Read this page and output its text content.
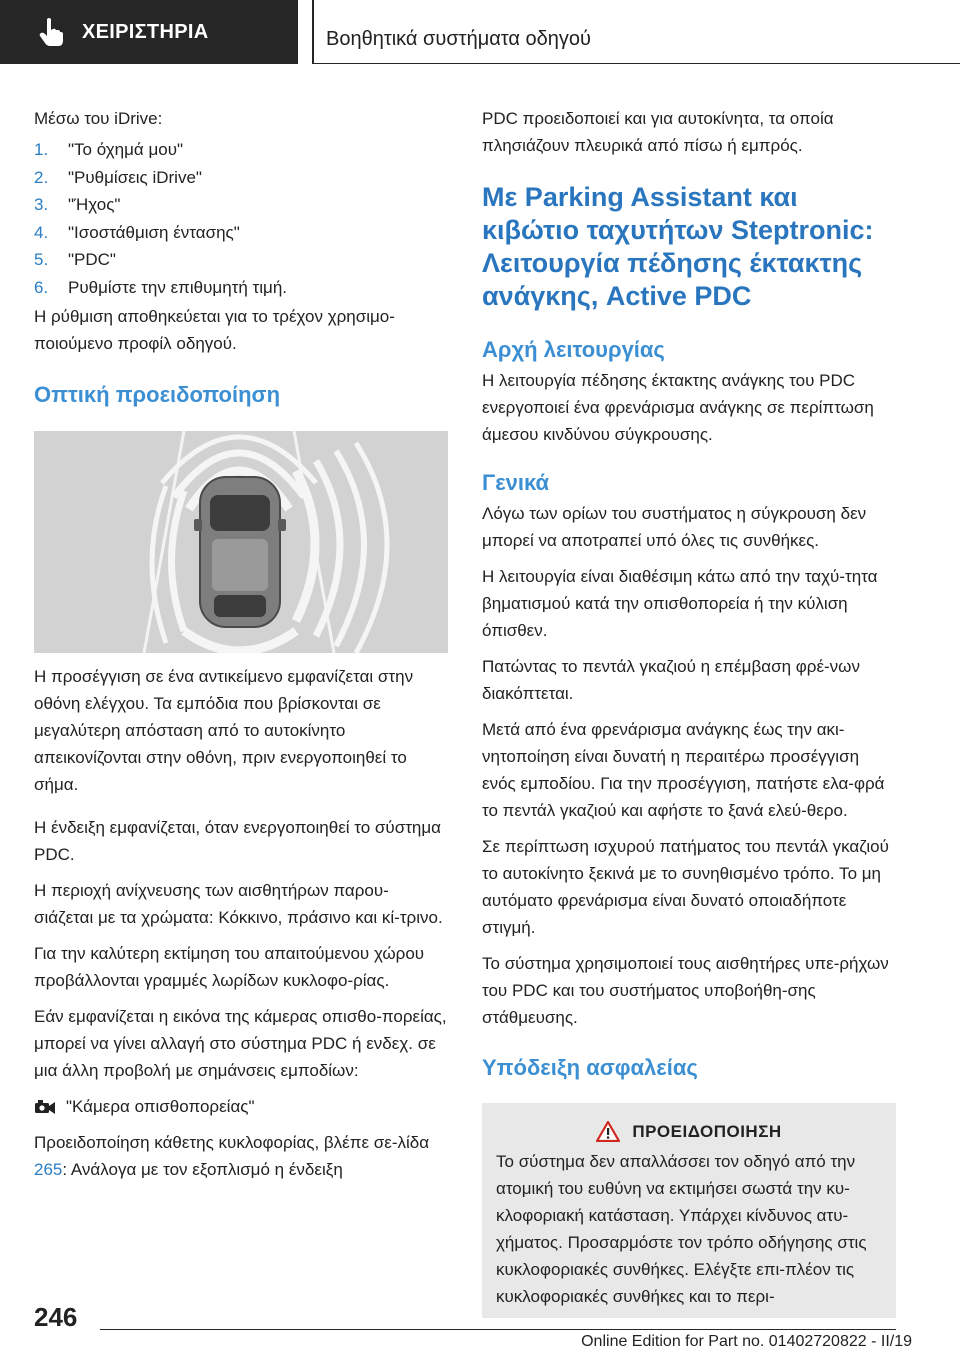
ΧΕΙΡΙΣΤΗΡΙΑ	Βοηθητικά συστήματα οδηγού

Μέσω του iDrive:

1.	"Το όχημά μου"
2.	"Ρυθμίσεις iDrive"
3.	"Ήχος"
4.	"Ισοστάθμιση έντασης"
5.	"PDC"
6.	Ρυθμίστε την επιθυμητή τιμή.

Η ρύθμιση αποθηκεύεται για το τρέχον χρησιμο‐ποιούμενο προφίλ οδηγού.

Οπτική προειδοποίηση

Η προσέγγιση σε ένα αντικείμενο εμφανίζεται στην οθόνη ελέγχου. Τα εμπόδια που βρίσκονται σε μεγαλύτερη απόσταση από το αυτοκίνητο απεικονίζονται στην οθόνη, πριν ενεργοποιηθεί το σήμα.

Η ένδειξη εμφανίζεται, όταν ενεργοποιηθεί το σύστημα PDC.

Η περιοχή ανίχνευσης των αισθητήρων παρου‐σιάζεται με τα χρώματα: Κόκκινο, πράσινο και κί‐τρινο.

Για την καλύτερη εκτίμηση του απαιτούμενου χώρου προβάλλονται γραμμές λωρίδων κυκλοφο‐ρίας.

Εάν εμφανίζεται η εικόνα της κάμερας οπισθο‐πορείας, μπορεί να γίνει αλλαγή στο σύστημα PDC ή ενδεχ. σε μια άλλη προβολή με σημάνσεις εμποδίων:

"Κάμερα οπισθοπορείας"

Προειδοποίηση κάθετης κυκλοφορίας, βλέπε σε‐λίδα 265: Ανάλογα με τον εξοπλισμό η ένδειξη

PDC προειδοποιεί και για αυτοκίνητα, τα οποία πλησιάζουν πλευρικά από πίσω ή εμπρός.

Με Parking Assistant και κιβώτιο ταχυτήτων Steptronic: Λειτουργία πέδησης έκτακτης ανάγκης, Active PDC
Αρχή λειτουργίας

Η λειτουργία πέδησης έκτακτης ανάγκης του PDC ενεργοποιεί ένα φρενάρισμα ανάγκης σε περίπτωση άμεσου κινδύνου σύγκρουσης.

Γενικά

Λόγω των ορίων του συστήματος η σύγκρουση δεν μπορεί να αποτραπεί υπό όλες τις συνθήκες.

Η λειτουργία είναι διαθέσιμη κάτω από την ταχύ‐τητα βηματισμού κατά την οπισθοπορεία ή την κύλιση όπισθεν.

Πατώντας το πεντάλ γκαζιού η επέμβαση φρέ‐νων διακόπτεται.

Μετά από ένα φρενάρισμα ανάγκης έως την ακι‐νητοποίηση είναι δυνατή η περαιτέρω προσέγγιση ενός εμποδίου. Για την προσέγγιση, πατήστε ελα‐φρά το πεντάλ γκαζιού και αφήστε το ξανά ελεύ‐θερο.

Σε περίπτωση ισχυρού πατήματος του πεντάλ γκαζιού το αυτοκίνητο ξεκινά με το συνηθισμένο τρόπο. Το μη αυτόματο φρενάρισμα είναι δυνατό οποιαδήποτε στιγμή.

Το σύστημα χρησιμοποιεί τους αισθητήρες υπε‐ρήχων του PDC και του συστήματος υποβοήθη‐σης στάθμευσης.

Υπόδειξη ασφαλείας
ΠΡΟΕΙΔΟΠΟΙΗΣΗ

Το σύστημα δεν απαλλάσσει τον οδηγό από την ατομική του ευθύνη να εκτιμήσει σωστά την κυ‐κλοφοριακή κατάσταση. Υπάρχει κίνδυνος ατυ‐χήματος. Προσαρμόστε τον τρόπο οδήγησης στις κυκλοφοριακές συνθήκες. Ελέγξτε επι‐πλέον τις κυκλοφοριακές συνθήκες και το περι‐

246
Online Edition for Part no. 01402720822 - II/19
